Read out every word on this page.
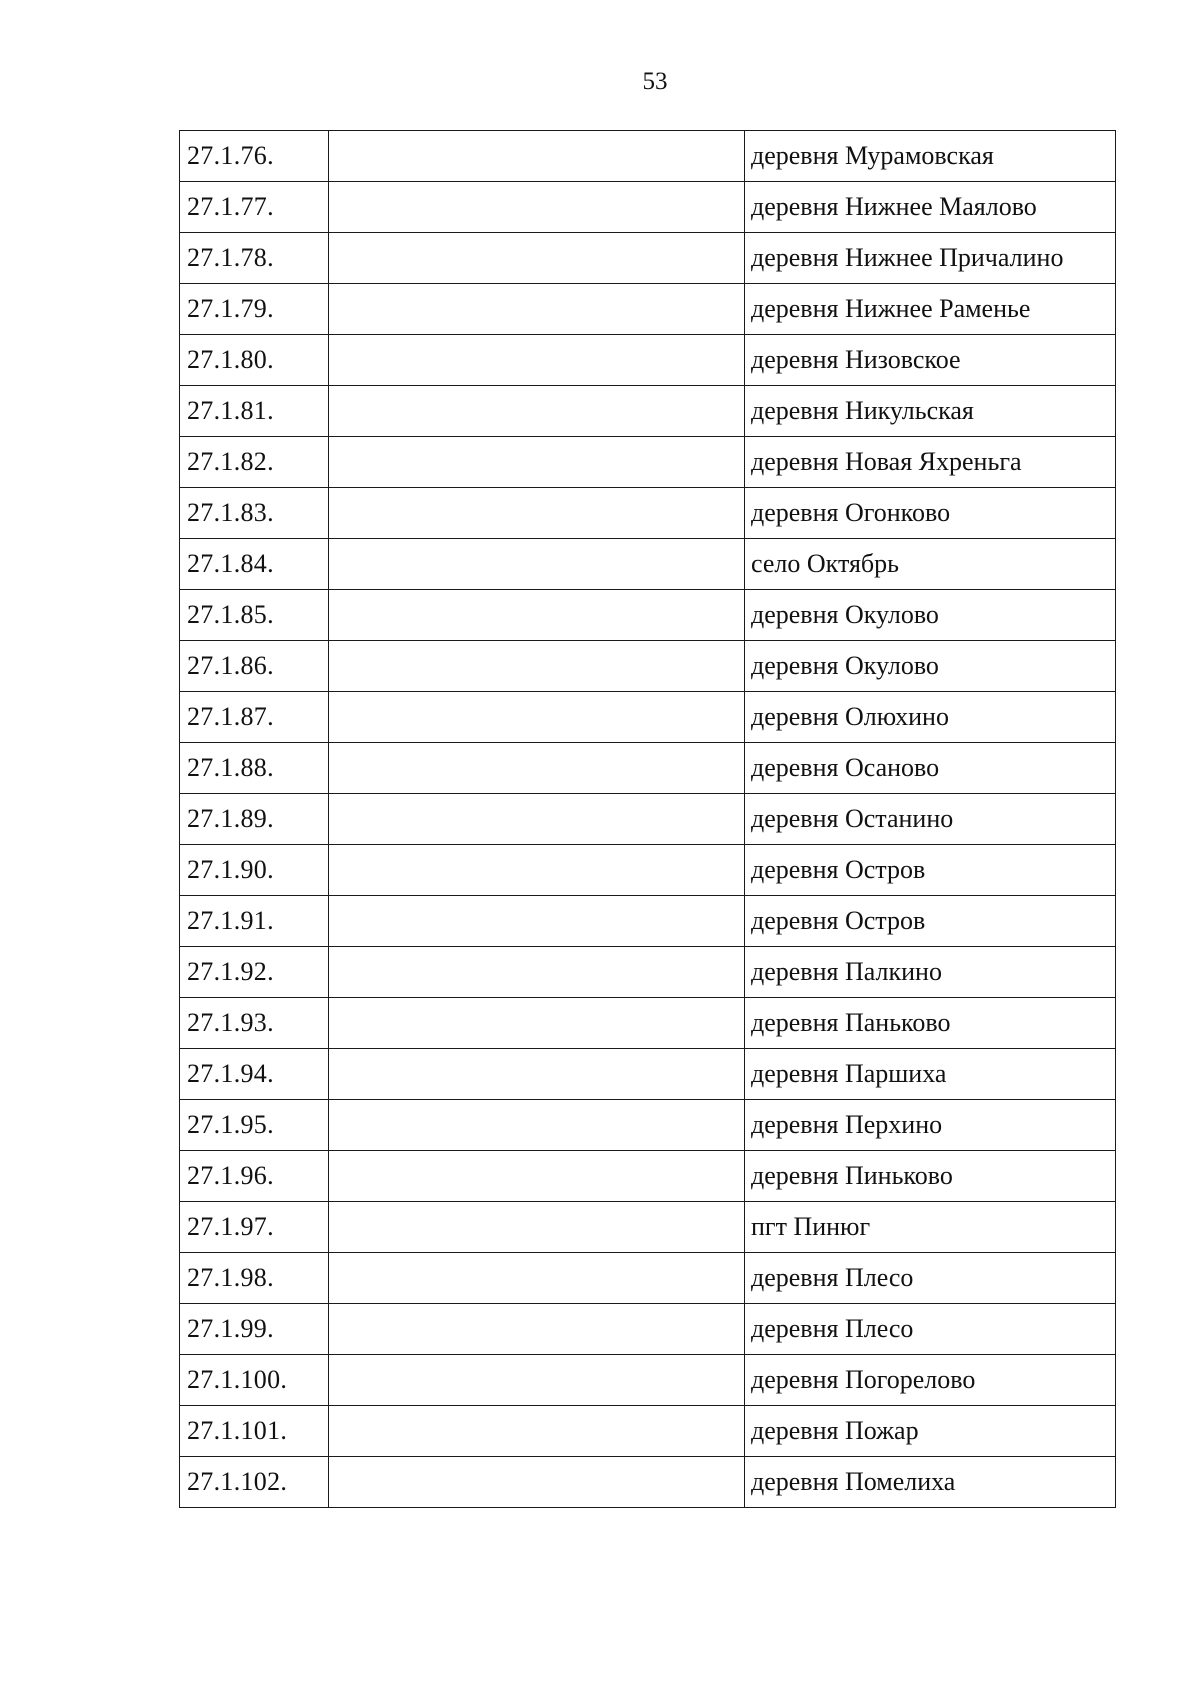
53
27.1.76.		деревня Мурамовская
27.1.77.		деревня Нижнее Маялово
27.1.78.		деревня Нижнее Причалино
27.1.79.		деревня Нижнее Раменье
27.1.80.		деревня Низовское
27.1.81.		деревня Никульская
27.1.82.		деревня Новая Яхреньга
27.1.83.		деревня Огонково
27.1.84.		село Октябрь
27.1.85.		деревня Окулово
27.1.86.		деревня Окулово
27.1.87.		деревня Олюхино
27.1.88.		деревня Осаново
27.1.89.		деревня Останино
27.1.90.		деревня Остров
27.1.91.		деревня Остров
27.1.92.		деревня Палкино
27.1.93.		деревня Паньково
27.1.94.		деревня Паршиха
27.1.95.		деревня Перхино
27.1.96.		деревня Пиньково
27.1.97.		пгт Пинюг
27.1.98.		деревня Плесо
27.1.99.		деревня Плесо
27.1.100.		деревня Погорелово
27.1.101.		деревня Пожар
27.1.102.		деревня Помелиха
